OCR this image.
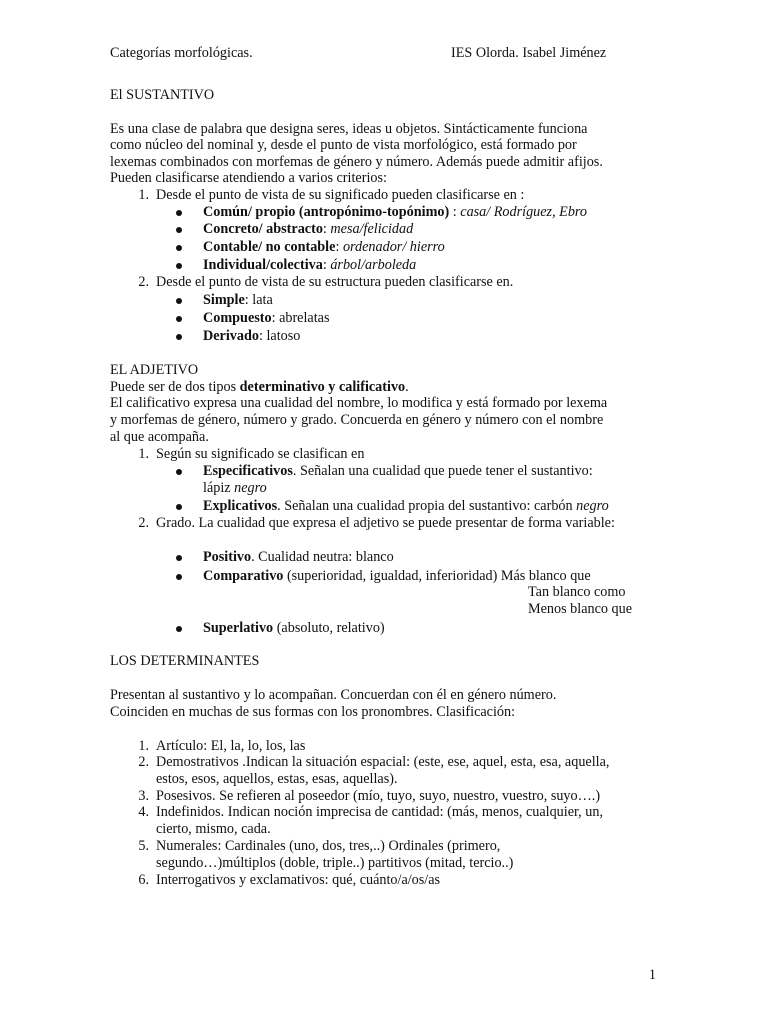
Categorías morfológicas.	IES Olorda. Isabel Jiménez
El SUSTANTIVO
Es una clase de palabra que designa seres, ideas u objetos. Sintácticamente funciona
como núcleo del nominal y, desde el punto de vista morfológico, está formado por
lexemas combinados con morfemas de género y número. Además puede admitir afijos.
Pueden clasificarse atendiendo a varios criterios:
1. Desde el punto de vista de su significado pueden clasificarse en :
Común/ propio (antropónimo-topónimo) : casa/ Rodríguez, Ebro
Concreto/ abstracto: mesa/felicidad
Contable/ no contable: ordenador/ hierro
Individual/colectiva: árbol/arboleda
2. Desde el punto de vista de su estructura pueden clasificarse en.
Simple: lata
Compuesto: abrelatas
Derivado: latoso
EL ADJETIVO
Puede ser de dos tipos determinativo y calificativo.
El calificativo expresa una cualidad del nombre, lo modifica y está formado por lexema
y morfemas de género, número y grado. Concuerda en género y número con el nombre
al que acompaña.
1. Según su significado se clasifican en
Especificativos. Señalan una cualidad que puede tener el sustantivo:
lápiz negro
Explicativos. Señalan una cualidad propia del sustantivo: carbón negro
2. Grado. La cualidad que expresa el adjetivo se puede presentar de forma variable:
Positivo. Cualidad neutra: blanco
Comparativo (superioridad, igualdad, inferioridad) Más blanco que
Tan blanco como
Menos blanco que
Superlativo (absoluto, relativo)
LOS DETERMINANTES
Presentan al sustantivo y lo acompañan. Concuerdan con él en género número.
Coinciden en muchas de sus formas con los pronombres. Clasificación:
1. Artículo: El, la, lo, los, las
2. Demostrativos .Indican la situación espacial: (este, ese, aquel, esta, esa, aquella,
estos, esos, aquellos, estas, esas, aquellas).
3. Posesivos. Se refieren al poseedor (mío, tuyo, suyo, nuestro, vuestro, suyo….)
4. Indefinidos. Indican noción imprecisa de cantidad: (más, menos, cualquier, un,
cierto, mismo, cada.
5. Numerales: Cardinales (uno, dos, tres,..) Ordinales (primero,
segundo…)múltiplos (doble, triple..) partitivos (mitad, tercio..)
6. Interrogativos y exclamativos: qué, cuánto/a/os/as
1
